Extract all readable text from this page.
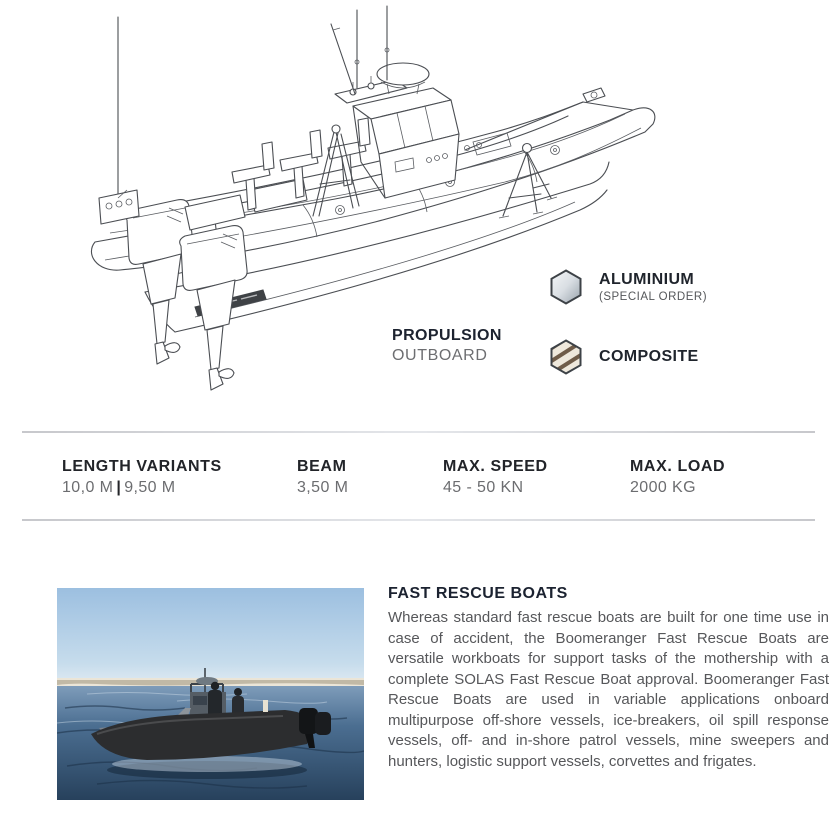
PROPULSION
OUTBOARD
ALUMINIUM
(SPECIAL ORDER)
COMPOSITE
LENGTH VARIANTS
10,0 M | 9,50 M
BEAM
3,50 M
MAX. SPEED
45 - 50 KN
MAX. LOAD
2000 KG
FAST RESCUE BOATS

Whereas standard fast rescue boats are built for one time use in case of accident, the Boomeranger Fast Rescue Boats are versatile workboats for support tasks of the mothership with a complete SOLAS Fast Rescue Boat approval. Boomeranger Fast Rescue Boats are used in variable applications onboard multipurpose off-shore vessels, ice-breakers, oil spill response vessels, off- and in-shore patrol vessels, mine sweepers and hunters, logistic support vessels, corvettes and frigates.
